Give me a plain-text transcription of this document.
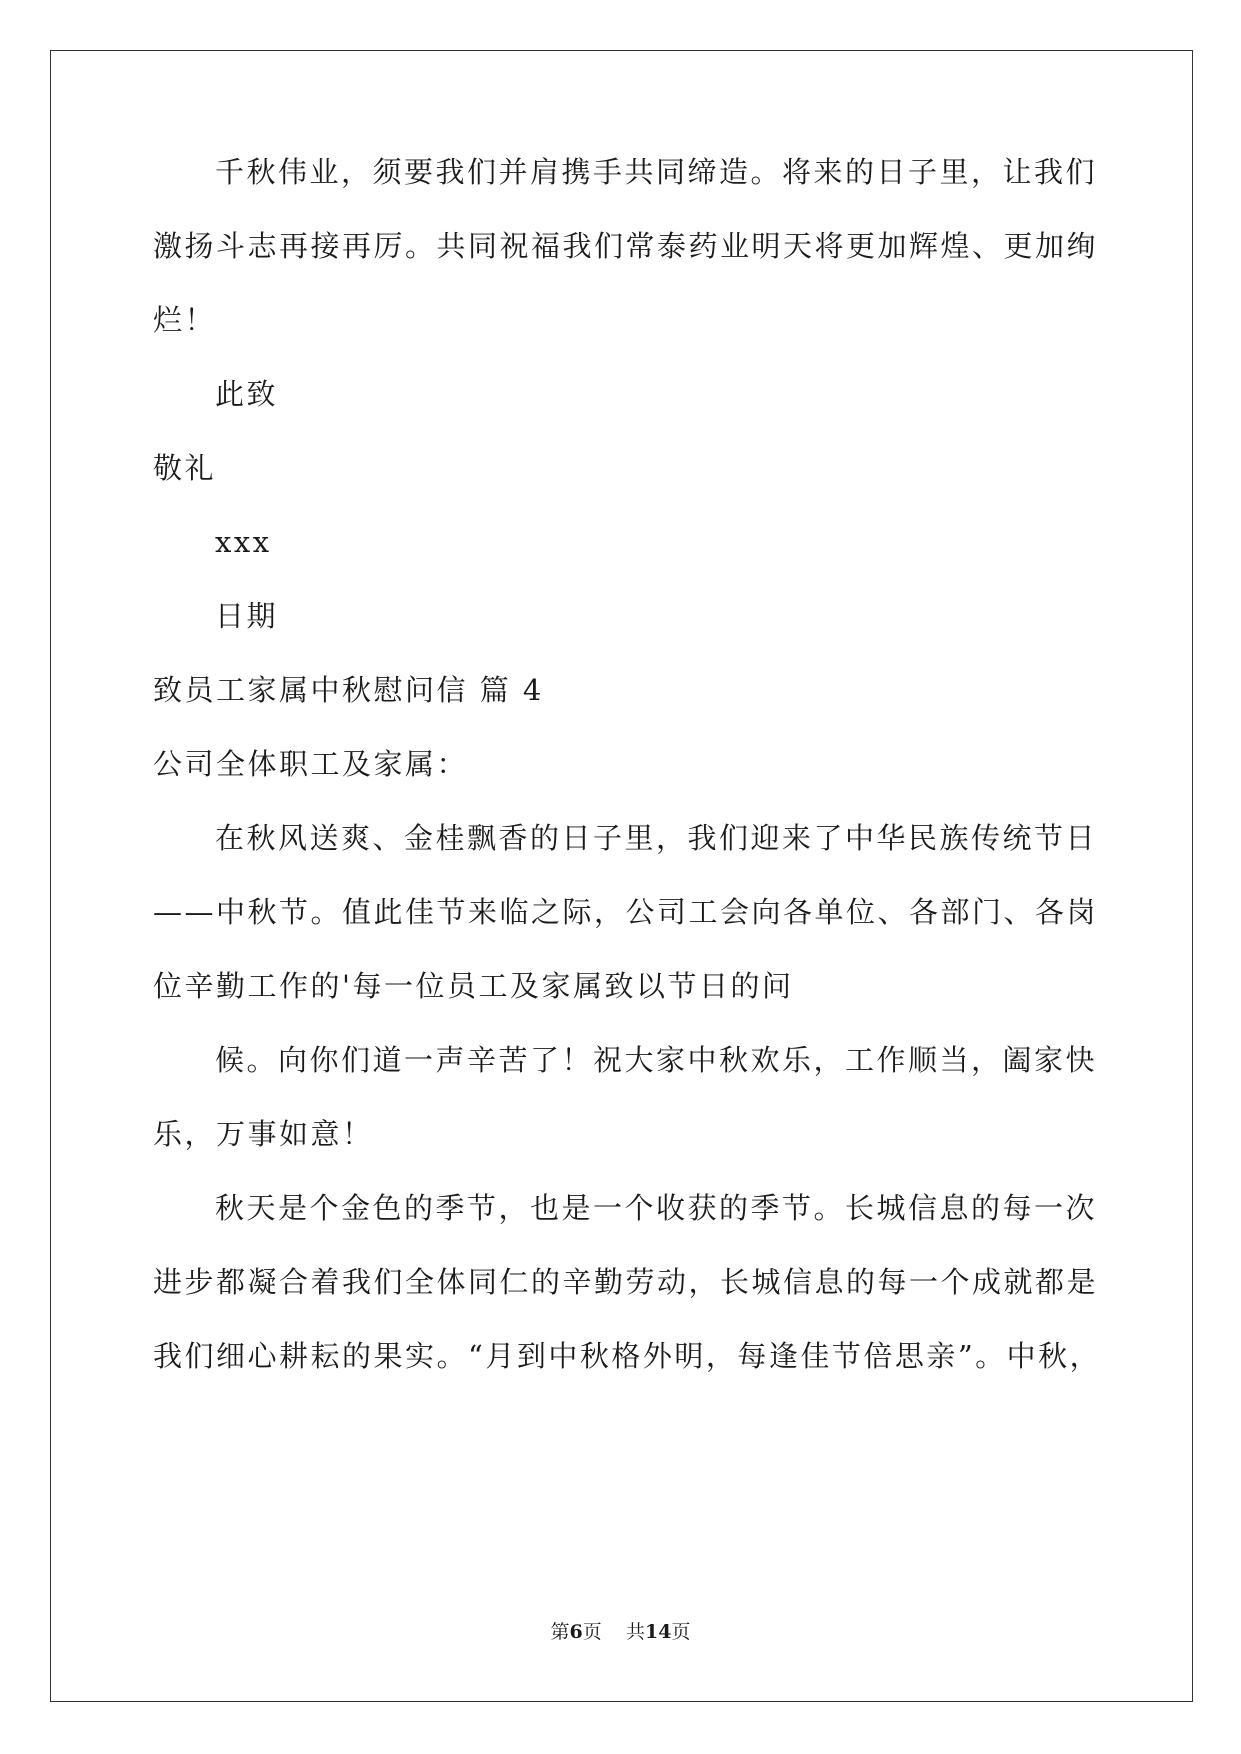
千秋伟业，须要我们并肩携手共同缔造。将来的日子里，让我们
激扬斗志再接再厉。共同祝福我们常泰药业明天将更加辉煌、更加绚
烂！
此致
敬礼
xxx
日期
致员工家属中秋慰问信 篇 4
公司全体职工及家属：
在秋风送爽、金桂飘香的日子里，我们迎来了中华民族传统节日
——中秋节。值此佳节来临之际，公司工会向各单位、各部门、各岗
位辛勤工作的'每一位员工及家属致以节日的问
候。向你们道一声辛苦了！祝大家中秋欢乐，工作顺当，阖家快
乐，万事如意！
秋天是个金色的季节，也是一个收获的季节。长城信息的每一次
进步都凝合着我们全体同仁的辛勤劳动，长城信息的每一个成就都是
我们细心耕耘的果实。“月到中秋格外明，每逢佳节倍思亲”。中秋，
第6页 共14页
